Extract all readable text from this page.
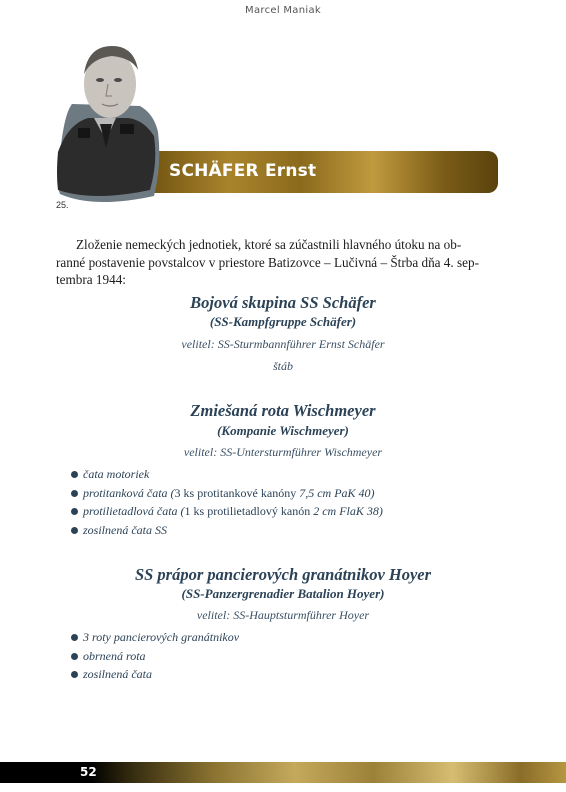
Marcel Maniak
SCHÄFER Ernst
25.
Zloženie nemeckých jednotiek, ktoré sa zúčastnili hlavného útoku na ob-
ranné postavenie povstalcov v priestore Batizovce – Lučivná – Štrba dňa 4. sep-
tembra 1944:
Bojová skupina SS Schäfer
(SS-Kampfgruppe Schäfer)
velitel: SS-Sturmbannführer Ernst Schäfer
štáb
Zmiešaná rota Wischmeyer
(Kompanie Wischmeyer)
velitel: SS-Untersturmführer Wischmeyer
čata motoriek
protitanková čata (3 ks protitankové kanóny 7,5 cm PaK 40)
protilietadlová čata (1 ks protilietadlový kanón 2 cm FlaK 38)
zosilnená čata SS
SS prápor pancierových granátnikov Hoyer
(SS-Panzergrenadier Batalion Hoyer)
velitel: SS-Hauptsturmführer Hoyer
3 roty pancierových granátnikov
obrnená rota
zosilnená čata
52
